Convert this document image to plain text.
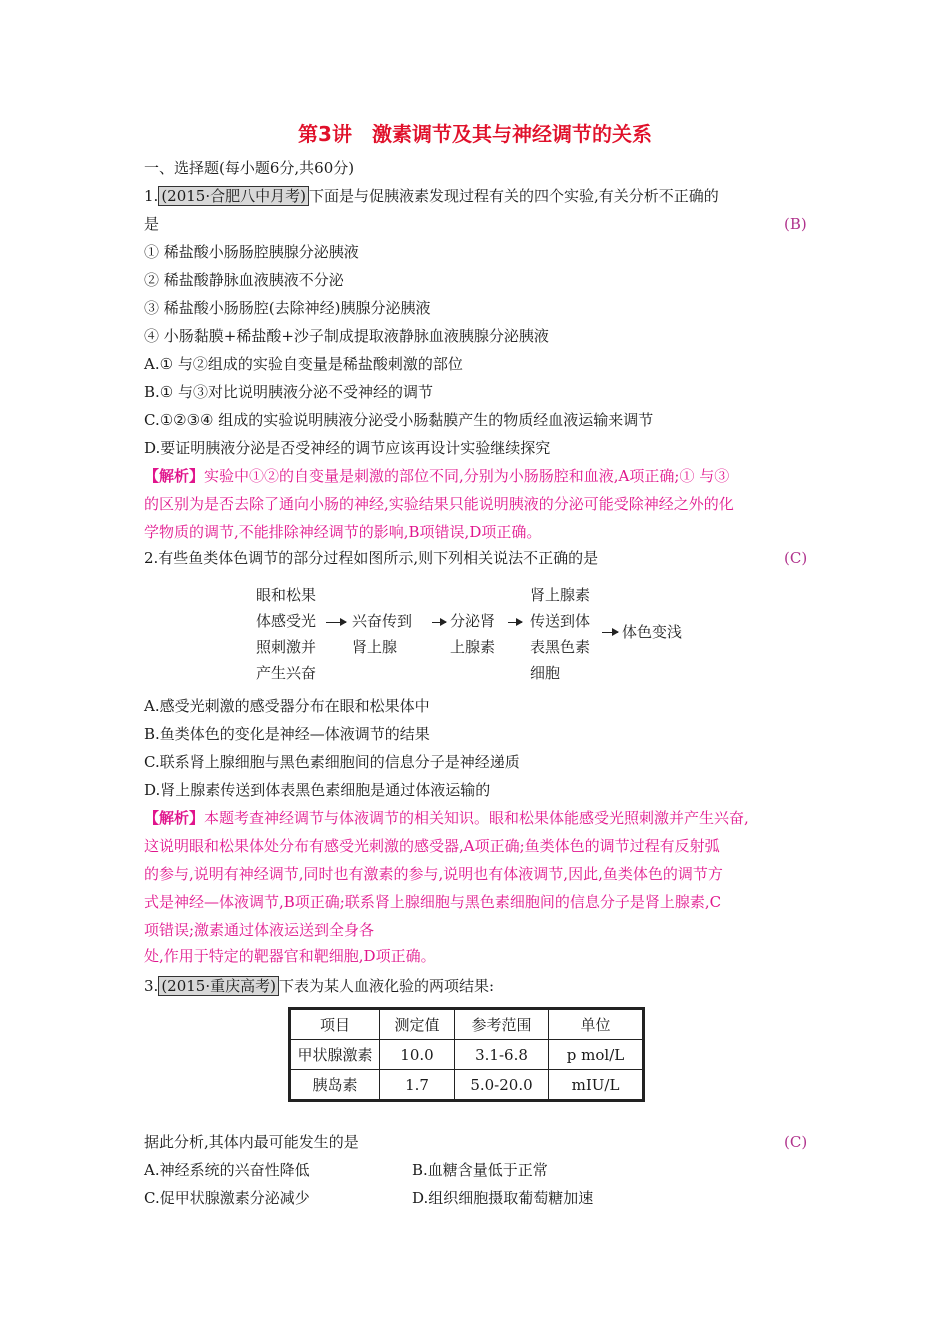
第3讲　激素调节及其与神经调节的关系
一、选择题(每小题6分,共60分)
1. (2015·合肥八中月考) 下面是与促胰液素发现过程有关的四个实验,有关分析不正确的
是	(B)
① 稀盐酸小肠肠腔胰腺分泌胰液
② 稀盐酸静脉血液胰液不分泌
③ 稀盐酸小肠肠腔(去除神经)胰腺分泌胰液
④ 小肠黏膜+稀盐酸+沙子制成提取液静脉血液胰腺分泌胰液
A.① 与②组成的实验自变量是稀盐酸刺激的部位
B.① 与③对比说明胰液分泌不受神经的调节
C.①②③④ 组成的实验说明胰液分泌受小肠黏膜产生的物质经血液运输来调节
D.要证明胰液分泌是否受神经的调节应该再设计实验继续探究
【解析】实验中①②的自变量是刺激的部位不同,分别为小肠肠腔和血液,A项正确;① 与③
的区别为是否去除了通向小肠的神经,实验结果只能说明胰液的分泌可能受除神经之外的化
学物质的调节,不能排除神经调节的影响,B项错误,D项正确。
2.有些鱼类体色调节的部分过程如图所示,则下列相关说法不正确的是	(C)
眼和松果
体感受光
照刺激并
产生兴奋
兴奋传到
肾上腺
分泌肾
上腺素
肾上腺素
传送到体
表黑色素
细胞
体色变浅
A.感受光刺激的感受器分布在眼和松果体中
B.鱼类体色的变化是神经—体液调节的结果
C.联系肾上腺细胞与黑色素细胞间的信息分子是神经递质
D.肾上腺素传送到体表黑色素细胞是通过体液运输的
【解析】本题考查神经调节与体液调节的相关知识。眼和松果体能感受光照刺激并产生兴奋,
这说明眼和松果体处分布有感受光刺激的感受器,A项正确;鱼类体色的调节过程有反射弧
的参与,说明有神经调节,同时也有激素的参与,说明也有体液调节,因此,鱼类体色的调节方
式是神经—体液调节,B项正确;联系肾上腺细胞与黑色素细胞间的信息分子是肾上腺素,C
项错误;激素通过体液运送到全身各
处,作用于特定的靶器官和靶细胞,D项正确。
3. (2015·重庆高考) 下表为某人血液化验的两项结果:
项目	测定值	参考范围	单位
甲状腺激素	10.0	3.1-6.8	p mol/L
胰岛素	1.7	5.0-20.0	mIU/L
据此分析,其体内最可能发生的是	(C)
A.神经系统的兴奋性降低	B.血糖含量低于正常
C.促甲状腺激素分泌减少	D.组织细胞摄取葡萄糖加速
